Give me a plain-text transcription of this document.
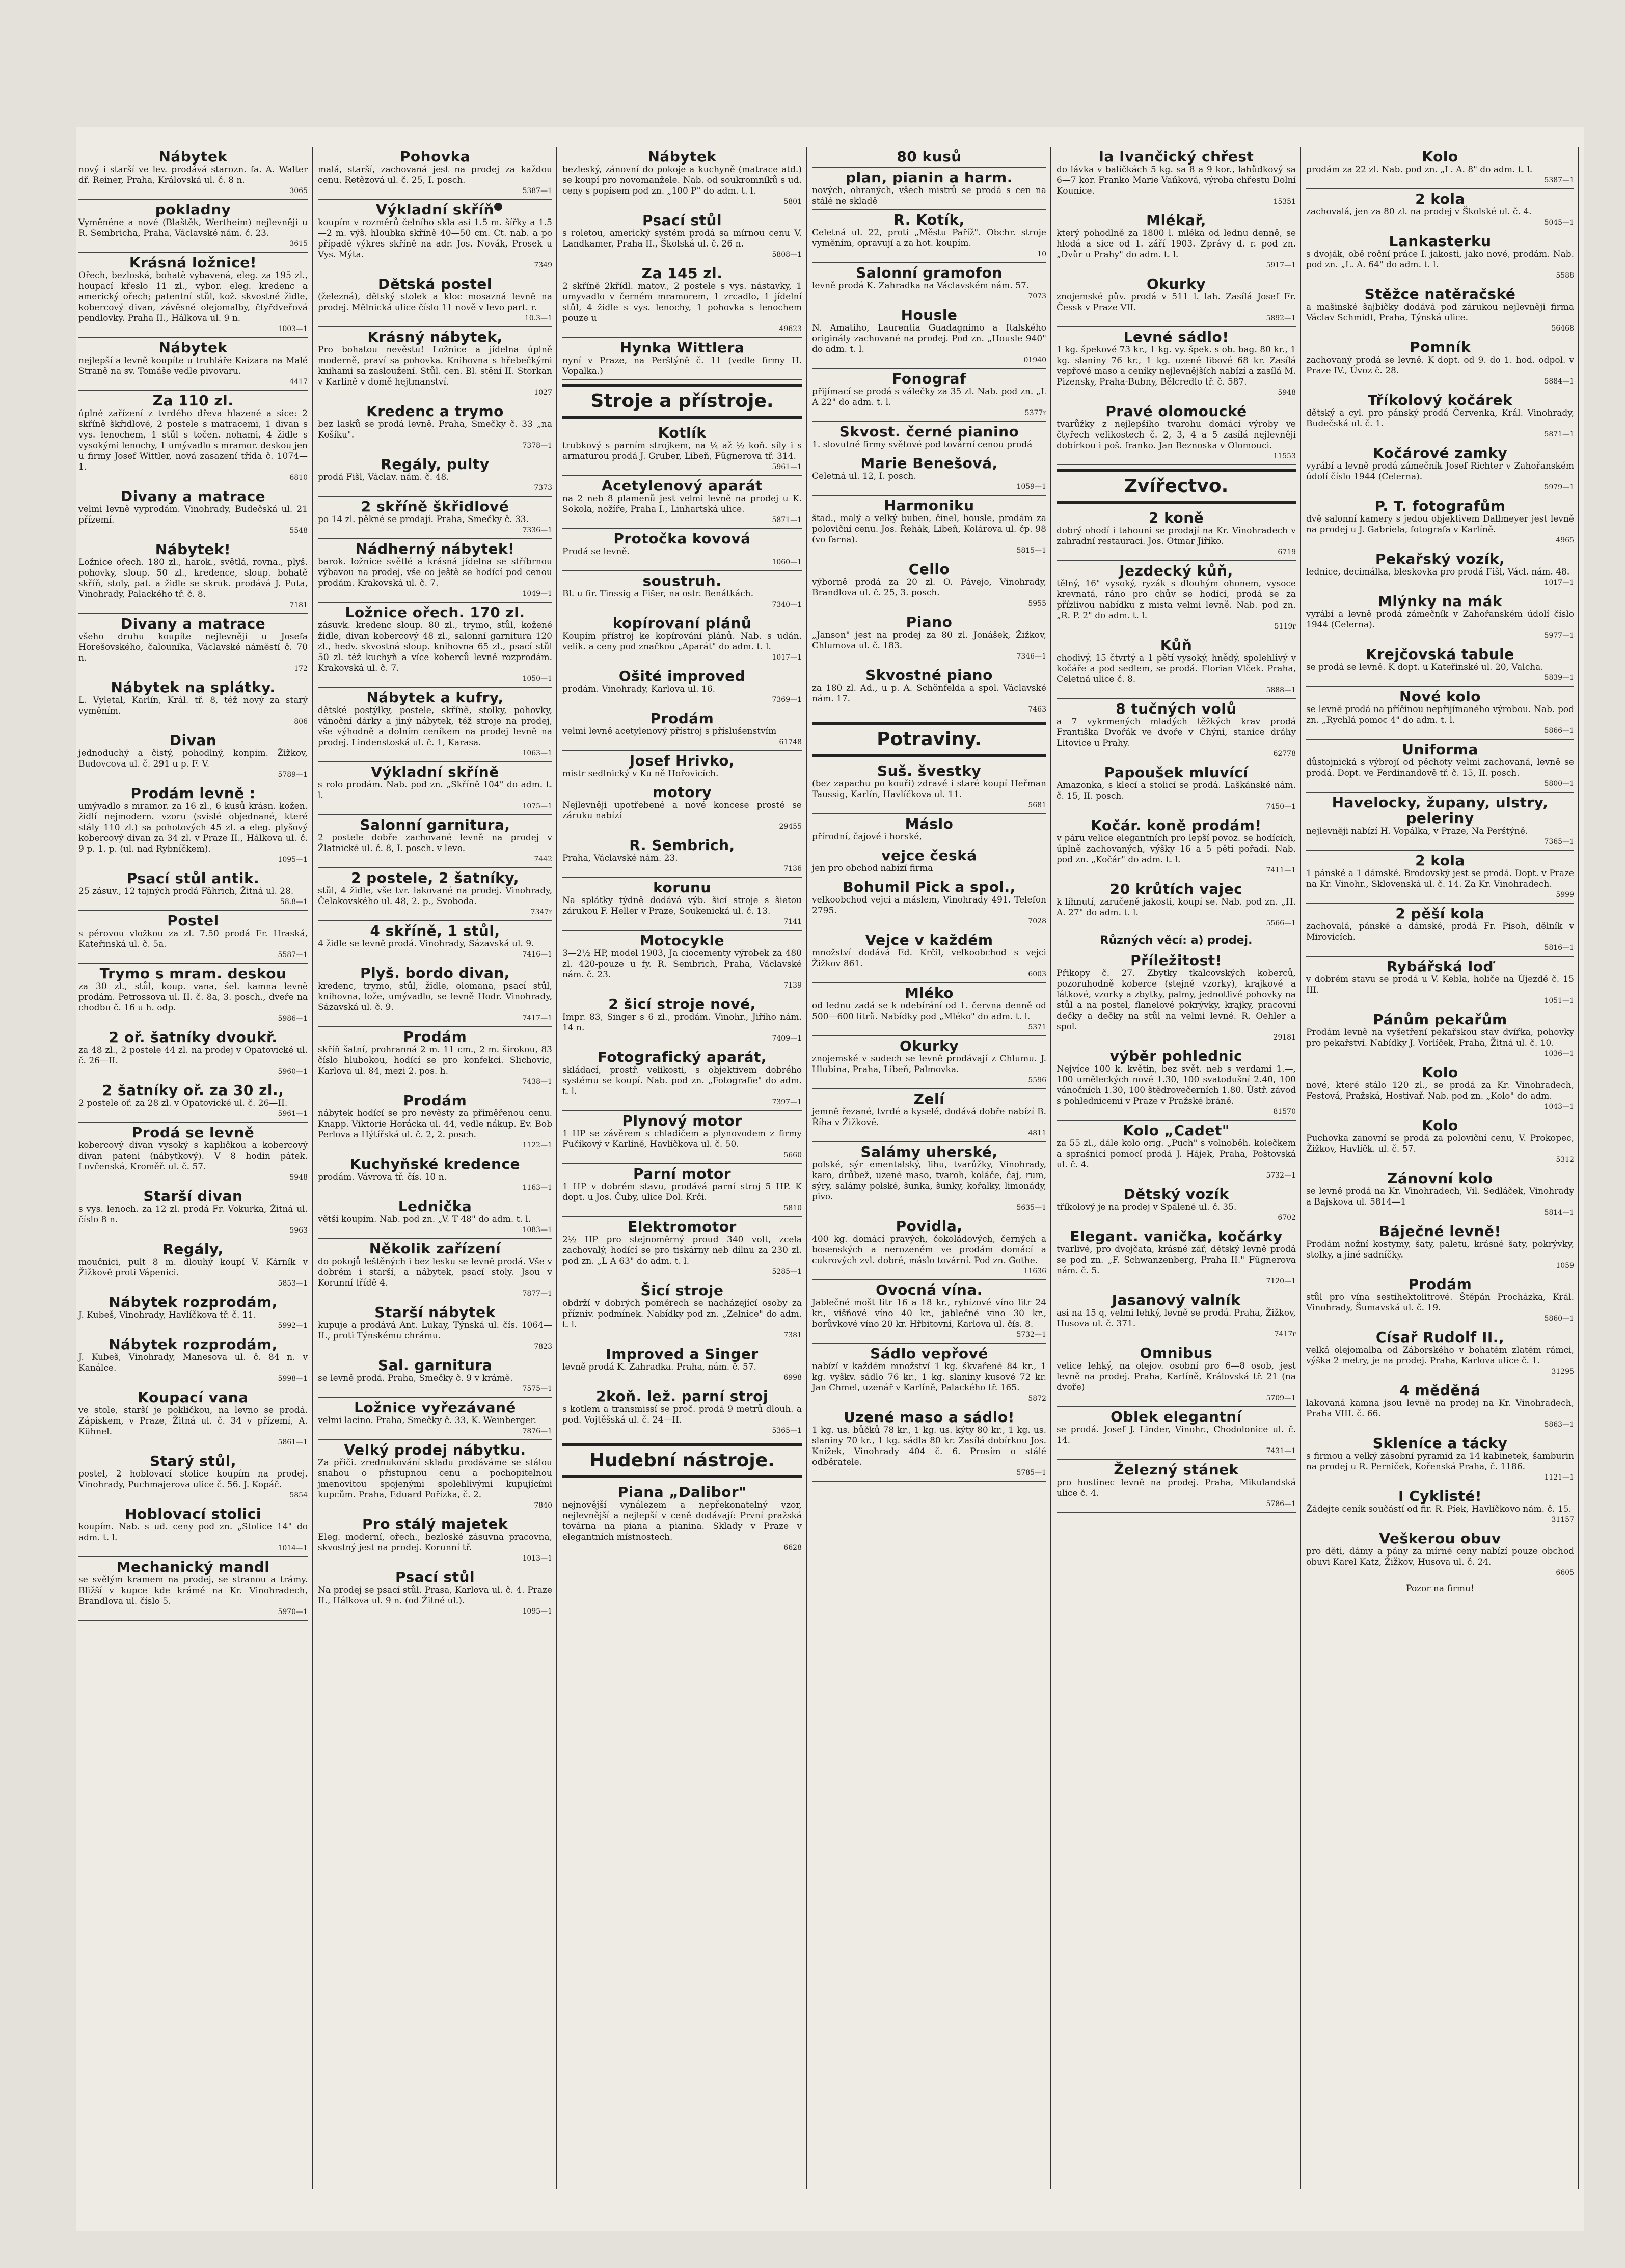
Nábytek
nový i starší ve lev. prodává starozn. fa. A. Walter dř. Reiner, Praha, Královská ul. č. 8 n.
3065
pokladny
Vyměnéne a nové (Blaštěk, Wertheim) nejlevněji u R. Sembricha, Praha, Václavské nám. č. 23.
3615
Krásná ložnice!
Ořech, bezloská, bohatě vybavená, eleg. za 195 zl., houpací křeslo 11 zl., vybor. eleg. kredenc a americký ořech; patentní stůl, kož. skvostné židle, kobercový divan, závěsné olejomalby, čtyřdveřová pendlovky. Praha II., Hálkova ul. 9 n.
1003—1
Nábytek
nejlepší a levně koupíte u truhláře Kaizara na Malé Straně na sv. Tomáše vedle pivovaru.
4417
Za 110 zl.
úplné zařízení z tvrdého dřeva hlazené a sice: 2 skříně škřidlové, 2 postele s matracemi, 1 divan s vys. lenochem, 1 stůl s točen. nohami, 4 židle s vysokými lenochy, 1 umývadlo s mramor. deskou jen u firmy Josef Wittler, nová zasazení třída č. 1074—1.
6810
Divany a matrace
velmi levně vyprodám. Vinohrady, Budečská ul. 21 přízemí.
5548
Nábytek!
Ložnice ořech. 180 zl., harok., světlá, rovna., plyš. pohovky, sloup. 50 zl., kredence, sloup. bohatě skříň, stoly, pat. a židle se skruk. prodává J. Puta, Vinohrady, Palackého tř. č. 8.
7181
Divany a matrace
všeho druhu koupíte nejlevněji u Josefa Horešovského, čalouníka, Václavské náměstí č. 70 n.
172
Nábytek na splátky.
L. Vyletal, Karlín, Král. tř. 8, též nový za starý vyměním.
806
Divan
jednoduchý a čistý, pohodlný, konpim. Žižkov, Budovcova ul. č. 291 u p. F. V.
5789—1
Prodám levně :
umývadlo s mramor. za 16 zl., 6 kusů krásn. kožen. židlí nejmodern. vzoru (svislé objednané, které stály 110 zl.) sa pohotových 45 zl. a eleg. plyšový kobercový divan za 34 zl. v Praze II., Hálkova ul. č. 9 p. 1. p. (ul. nad Rybníčkem).
1095—1
Psací stůl antik.
25 zásuv., 12 tajných prodá Fährich, Žitná ul. 28.
58.8—1
Postel
s pérovou vložkou za zl. 7.50 prodá Fr. Hraská, Kateřinská ul. č. 5a.
5587—1
Trymo s mram. deskou
za 30 zl., stůl, koup. vana, šel. kamna levně prodám. Petrossova ul. II. č. 8a, 3. posch., dveře na chodbu č. 16 u h. odp.
5986—1
2 oř. šatníky dvoukř.
za 48 zl., 2 postele 44 zl. na prodej v Opatovické ul. č. 26—II.
5960—1
2 šatníky oř. za 30 zl.,
2 postele oř. za 28 zl. v Opatovické ul. č. 26—II.
5961—1
Prodá se levně
kobercový divan vysoký s kapličkou a kobercový divan pateni (nábytkový). V 8 hodin pátek. Lovčenská, Kroměř. ul. č. 57.
5948
Starší divan
s vys. lenoch. za 12 zl. prodá Fr. Vokurka, Žitná ul. číslo 8 n.
5963
Regály,
moučnici, pult 8 m. dlouhý koupí V. Kárník v Žižkově proti Vápenici.
5853—1
Nábytek rozprodám,
J. Kubeš, Vinohrady, Havlíčkova tř. č. 11.
5992—1
Nábytek rozprodám,
J. Kubeš, Vinohrady, Manesova ul. č. 84 n. v Kanálce.
5998—1
Koupací vana
ve stole, starší je pokličkou, na levno se prodá. Zápiskem, v Praze, Žitná ul. č. 34 v přízemí, A. Kühnel.
5861—1
Starý stůl,
postel, 2 hoblovací stolice koupím na prodej. Vinohrady, Puchmajerova ulice č. 56. J. Kopáč.
5854
Hoblovací stolici
koupím. Nab. s ud. ceny pod zn. „Stolice 14" do adm. t. l.
1014—1
Mechanický mandl
se svělým kramem na prodej, se stranou a trámy. Bližší v kupce kde krámé na Kr. Vinohradech, Brandlova ul. číslo 5.
5970—1
Pohovka
malá, starší, zachovaná jest na prodej za každou cenu. Retězová ul. č. 25, I. posch.
5387—1
Výkladní skříň
koupím v rozměrů čelního skla asi 1.5 m. šířky a 1.5—2 m. výš. hloubka skříně 40—50 cm. Ct. nab. a po případě výkres skříně na adr. Jos. Novák, Prosek u Vys. Mýta.
7349
Dětská postel
(železná), dětský stolek a kloc mosazná levně na prodej. Mělnická ulice číslo 11 nově v levo part. r.
10.3—1
Krásný nábytek,
Pro bohatou nevěstu! Ložnice a jídelna úplně moderně, praví sa pohovka. Knihovna s hřebečkými knihami sa zasloužení. Stůl. cen. Bl. stění II. Storkan v Karlině v domě hejtmanství.
1027
Kredenc a trymo
bez lasků se prodá levně. Praha, Smečky č. 33 „na Košíku".
7378—1
Regály, pulty
prodá Fišl, Václav. nám. č. 48.
7373
2 skříně škřidlové
po 14 zl. pěkné se prodají. Praha, Smečky č. 33.
7336—1
Nádherný nábytek!
barok. ložnice světlé a krásná jídelna se stříbrnou výbavou na prodej, vše co ještě se hodící pod cenou prodám. Krakovská ul. č. 7.
1049—1
Ložnice ořech. 170 zl.
zásuvk. kredenc sloup. 80 zl., trymo, stůl, kožené židle, divan kobercový 48 zl., salonní garnitura 120 zl., hedv. skvostná sloup. knihovna 65 zl., psací stůl 50 zl. též kuchyň a více koberců levně rozprodám. Krakovská ul. č. 7.
1050—1
Nábytek a kufry,
dětské postýlky, postele, skříně, stolky, pohovky, vánoční dárky a jiný nábytek, též stroje na prodej, vše výhodně a dolním ceníkem na prodej levně na prodej. Lindenstoská ul. č. 1, Karasa.
1063—1
Výkladní skříně
s rolo prodám. Nab. pod zn. „Skříně 104" do adm. t. l.
1075—1
Salonní garnitura,
2 postele dobře zachované levně na prodej v Žlatnické ul. č. 8, I. posch. v levo.
7442
2 postele, 2 šatníky,
stůl, 4 židle, vše tvr. lakované na prodej. Vinohrady, Čelakovského ul. 48, 2. p., Svoboda.
7347r
4 skříně, 1 stůl,
4 židle se levně prodá. Vinohrady, Sázavská ul. 9.
7416—1
Plyš. bordo divan,
kredenc, trymo, stůl, židle, olomana, psací stůl, knihovna, lože, umývadlo, se levně Hodr. Vinohrady, Sázavská ul. č. 9.
7417—1
Prodám
skříň šatní, prohranná 2 m. 11 cm., 2 m. širokou, 83 číslo hlubokou, hodící se pro konfekci. Slichovic, Karlova ul. 84, mezi 2. pos. h.
7438—1
Prodám
nábytek hodící se pro nevěsty za přiměřenou cenu. Knapp. Viktorie Horácka ul. 44, vedle nákup. Ev. Bob Perlova a Hýtířská ul. č. 2, 2. posch.
1122—1
Kuchyňské kredence
prodám. Vávrova tř. čís. 10 n.
1163—1
Lednička
větší koupím. Nab. pod zn. „V. T 48" do adm. t. l.
1083—1
Několik zařízení
do pokojů leštěných i bez lesku se levně prodá. Vše v dobrém i starší, a nábytek, psací stoly. Jsou v Korunní třídě 4.
7877—1
Starší nábytek
kupuje a prodává Ant. Lukay, Týnská ul. čís. 1064—II., proti Týnskému chrámu.
7823
Sal. garnitura
se levně prodá. Praha, Smečky č. 9 v krámě.
7575—1
Ložnice vyřezávané
velmi lacino. Praha, Smečky č. 33, K. Weinberger.
7876—1
Velký prodej nábytku.
Za přiči. zrednukování skladu prodáváme se stálou snahou o přistupnou cenu a pochopitelnou jmenovitou spojenými spolehlivými kupujícími kupcům. Praha, Eduard Pořízka, č. 2.
7840
Pro stálý majetek
Eleg. moderní, ořech., bezloské zásuvna pracovna, skvostný jest na prodej. Korunní tř.
1013—1
Psací stůl
Na prodej se psací stůl. Prasa, Karlova ul. č. 4. Praze II., Hálkova ul. 9 n. (od Žitné ul.).
1095—1
Nábytek
bezleský, zánovní do pokoje a kuchyně (matrace atd.) se koupí pro novomanžele. Nab. od soukromníků s ud. ceny s popisem pod zn. „100 P" do adm. t. l.
5801
Psací stůl
s roletou, americký systém prodá sa mírnou cenu V. Landkamer, Praha II., Školská ul. č. 26 n.
5808—1
Za 145 zl.
2 skříně 2křídl. matov., 2 postele s vys. nástavky, 1 umyvadlo v černém mramorem, 1 zrcadlo, 1 jídelní stůl, 4 židle s vys. lenochy, 1 pohovka s lenochem pouze u
49623
Hynka Wittlera
nyní v Praze, na Perštýně č. 11 (vedle firmy H. Vopalka.)
Stroje a přístroje.
Kotlík
trubkový s parním strojkem, na ¼ až ½ koň. síly i s armaturou prodá J. Gruber, Libeň, Fügnerova tř. 314.
5961—1
Acetylenový aparát
na 2 neb 8 plamenů jest velmi levně na prodej u K. Sokola, nožíře, Praha I., Linhartská ulice.
5871—1
Protočka kovová
Prodá se levně.
1060—1
soustruh.
Bl. u fir. Tinssig a Fišer, na ostr. Benátkách.
7340—1
kopírovaní plánů
Koupím přístroj ke kopírování plánů. Nab. s udán. velik. a ceny pod značkou „Aparát" do adm. t. l.
1017—1
Ošité improved
prodám. Vinohrady, Karlova ul. 16.
7369—1
Prodám
velmi levně acetylenový přístroj s příslušenstvím
61748
Josef Hrivko,
mistr sedlnický v Ku ně Hořovicích.
motory
Nejlevněji upotřebené a nové koncese prosté se záruku nabízí
29455
R. Sembrich,
Praha, Václavské nám. 23.
7136
korunu
Na splátky týdně dodává výb. šicí stroje s šietou zárukou F. Heller v Praze, Soukenická ul. č. 13.
7141
Motocykle
3—2½ HP, model 1903, Ja ciocementy výrobek za 480 zl. 420-pouze u fy. R. Sembrich, Praha, Václavské nám. č. 23.
7139
2 šicí stroje nové,
Impr. 83, Singer s 6 zl., prodám. Vinohr., Jiřího nám. 14 n.
7409—1
Fotografický aparát,
skládací, prostř. velikosti, s objektivem dobrého systému se koupí. Nab. pod zn. „Fotografie" do adm. t. l.
7397—1
Plynový motor
1 HP se závěrem s chladičem a plynovodem z firmy Fučíkový v Karlíně, Havlíčkova ul. č. 50.
5660
Parní motor
1 HP v dobrém stavu, prodává parní stroj 5 HP. K dopt. u Jos. Čuby, ulice Dol. Krči.
5810
Elektromotor
2½ HP pro stejnoměrný proud 340 volt, zcela zachovalý, hodící se pro tiskárny neb dílnu za 230 zl. pod zn. „L A 63" do adm. t. l.
5285—1
Šicí stroje
obdrží v dobrých poměrech se nacházející osoby za přízniv. podmínek. Nabídky pod zn. „Zelnice" do adm. t. l.
7381
Improved a Singer
levně prodá K. Zahradka. Praha, nám. č. 57.
6998
2koň. lež. parní stroj
s kotlem a transmissí se proč. prodá 9 metrů dlouh. a pod. Vojtěšská ul. č. 24—II.
5365—1
Hudební nástroje.
Piana „Dalibor"
nejnovější vynálezem a nepřekonatelný vzor, nejlevnější a nejlepší v ceně dodávají: První pražská továrna na piana a pianina. Sklady v Praze v elegantních místnostech.
6628
80 kusů
plan, pianin a harm.
nových, ohraných, všech mistrů se prodá s cen na stálé ne skladě
R. Kotík,
Celetná ul. 22, proti „Městu Paříž". Obchr. stroje vyměním, opravují a za hot. koupím.
10
Salonní gramofon
levně prodá K. Zahradka na Václavském nám. 57.
7073
Housle
N. Amatiho, Laurentia Guadagnimo a Italského originály zachované na prodej. Pod zn. „Housle 940" do adm. t. l.
01940
Fonograf
přijímací se prodá s válečky za 35 zl. Nab. pod zn. „L A 22" do adm. t. l.
5377r
Skvost. černé pianino
1. slovutné firmy světové pod tovární cenou prodá
Marie Benešová,
Celetná ul. 12, I. posch.
1059—1
Harmoniku
štad., malý a velký buben, činel, housle, prodám za poloviční cenu. Jos. Řehák, Libeň, Kolárova ul. čp. 98 (vo farna).
5815—1
Cello
výborně prodá za 20 zl. O. Pávejo, Vinohrady, Brandlova ul. č. 25, 3. posch.
5955
Piano
„Janson" jest na prodej za 80 zl. Jonášek, Žižkov, Chlumova ul. č. 183.
7346—1
Skvostné piano
za 180 zl. Ad., u p. A. Schönfelda a spol. Václavské nám. 17.
7463
Potraviny.
Suš. švestky
(bez zapachu po kouři) zdravé i staré koupí Heřman Taussig, Karlín, Havlíčkova ul. 11.
5681
Máslo
přírodní, čajové i horské,
vejce česká
jen pro obchod nabízí firma
Bohumil Pick a spol.,
velkoobchod vejci a máslem, Vinohrady 491. Telefon 2795.
7028
Vejce v každém
množství dodává Ed. Krčil, velkoobchod s vejci Žižkov 861.
6003
Mléko
od lednu zadá se k odebírání od 1. června denně od 500—600 litrů. Nabídky pod „Mléko" do adm. t. l.
5371
Okurky
znojemské v sudech se levně prodávají z Chlumu. J. Hlubina, Praha, Libeň, Palmovka.
5596
Zelí
jemně řezané, tvrdé a kyselé, dodává dobře nabízí B. Říha v Žižkově.
4811
Salámy uherské,
polské, sýr ementalský, lihu, tvarůžky, Vinohrady, karo, drůbež, uzené maso, tvaroh, koláče, čaj, rum, sýry, salámy polské, šunka, šunky, kořalky, limonády, pivo.
5635—1
Povidla,
400 kg. domácí pravých, čokoládových, černých a bosenských a nerozeném ve prodám domácí a cukrových zvl. dobré, máslo tovární. Pod zn. Gothe.
11636
Ovocná vína.
Jablečné mošt litr 16 a 18 kr., rybízové víno litr 24 kr., višňové víno 40 kr., jablečné vino 30 kr., borůvkové víno 20 kr. Hřbitovní, Karlova ul. čís. 8.
5732—1
Sádlo vepřové
nabízí v každém množství 1 kg. škvařené 84 kr., 1 kg. vyškv. sádlo 76 kr., 1 kg. slaniny kusové 72 kr. Jan Chmel, uzenář v Karlíně, Palackého tř. 165.
5872
Uzené maso a sádlo!
1 kg. us. bůčků 78 kr., 1 kg. us. kýty 80 kr., 1 kg. us. slaniny 70 kr., 1 kg. sádla 80 kr. Zasílá dobírkou Jos. Knížek, Vinohrady 404 č. 6. Prosím o stálé odběratele.
5785—1
Ia Ivančický chřest
do lávka v baličkách 5 kg. sa 8 a 9 kor., lahůdkový sa 6—7 kor. Franko Marie Vaňková, výroba chřestu Dolní Kounice.
15351
Mlékař,
který pohodlně za 1800 l. mléka od lednu denně, se hlodá a sice od 1. září 1903. Zprávy d. r. pod zn. „Dvůr u Prahy" do adm. t. l.
5917—1
Okurky
znojemské pův. prodá v 511 l. lah. Zasílá Josef Fr. Čessk v Praze VII.
5892—1
Levné sádlo!
1 kg. špekové 73 kr., 1 kg. vy. špek. s ob. bag. 80 kr., 1 kg. slaniny 76 kr., 1 kg. uzené libové 68 kr. Zasílá vepřové maso a ceníky nejlevnějších nabízí a zasílá M. Pizensky, Praha-Bubny, Bělcredlo tř. č. 587.
5948
Pravé olomoucké
tvarůžky z nejlepšího tvarohu domácí výroby ve čtyřech velikostech č. 2, 3, 4 a 5 zasílá nejlevněji dobírkou i poš. franko. Jan Beznoska v Olomouci.
11553
Zvířectvo.
2 koně
dobrý ohodí i tahouni se prodají na Kr. Vinohradech v zahradní restauraci. Jos. Otmar Jiříko.
6719
Jezdecký kůň,
tělný, 16" vysoký, ryzák s dlouhým ohonem, vysoce krevnatá, ráno pro chův se hodící, prodá se za přízlivou nabídku z mista velmi levně. Nab. pod zn. „R. P. 2" do adm. t. l.
5119r
Kůň
chodivý, 15 čtvrtý a 1 pětí vysoký, hnědý, spolehlivý v kočáře a pod sedlem, se prodá. Florian Vlček. Praha, Celetná ulice č. 8.
5888—1
8 tučných volů
a 7 vykrmených mladých těžkých krav prodá Františka Dvořák ve dvoře v Chýni, stanice dráhy Litovice u Prahy.
62778
Papoušek mluvící
Amazonka, s klecí a stolicí se prodá. Laškánské nám. č. 15, II. posch.
7450—1
Kočár. koně prodám!
v páru velice elegantních pro lepší povoz. se hodících, úplně zachovaných, výšky 16 a 5 pěti pořadi. Nab. pod zn. „Kočár" do adm. t. l.
7411—1
20 krůtích vajec
k líhnutí, zaručeně jakosti, koupí se. Nab. pod zn. „H. A. 27" do adm. t. l.
5566—1
Různých věcí: a) prodej.
Příležitost!
Přikopy č. 27. Zbytky tkalcovských koberců, pozoruhodně koberce (stejné vzorky), krajkové a látkové, vzorky a zbytky, palmy, jednotlivé pohovky na stůl a na postel, flanelové pokrývky, krajky, pracovní dečky a dečky na stůl na velmi levné. R. Oehler a spol.
29181
výběr pohlednic
Nejvíce 100 k. květin, bez svět. neb s verdami 1.—, 100 uměleckých nové 1.30, 100 svatodušní 2.40, 100 vánočních 1.30, 100 štědrovečerních 1.80. Ústř. závod s pohlednicemi v Praze v Pražské bráně.
81570
Kolo „Cadet"
za 55 zl., dále kolo orig. „Puch" s volnoběh. kolečkem a sprašnicí pomocí prodá J. Hájek, Praha, Poštovská ul. č. 4.
5732—1
Dětský vozík
tříkolový je na prodej v Spálené ul. č. 35.
6702
Elegant. vanička, kočárky
tvarlivé, pro dvojčata, krásné zář, dětský levně prodá se pod zn. „F. Schwanzenberg, Praha II." Fügnerova nám. č. 5.
7120—1
Jasanový valník
asi na 15 q, velmi lehký, levně se prodá. Praha, Žižkov, Husova ul. č. 371.
7417r
Omnibus
velice lehký, na olejov. osobní pro 6—8 osob, jest levně na prodej. Praha, Karlíně, Královská tř. 21 (na dvoře)
5709—1
Oblek elegantní
se prodá. Josef J. Linder, Vinohr., Chodolonice ul. č. 14.
7431—1
Železný stánek
pro hostinec levně na prodej. Praha, Mikulandská ulice č. 4.
5786—1
Kolo
prodám za 22 zl. Nab. pod zn. „L. A. 8" do adm. t. l.
5387—1
2 kola
zachovalá, jen za 80 zl. na prodej v Školské ul. č. 4.
5045—1
Lankasterku
s dvoják, obě roční práce I. jakosti, jako nové, prodám. Nab. pod zn. „L. A. 64" do adm. t. l.
5588
Stěžce natěračské
a mašinské šajbičky dodává pod zárukou nejlevněji firma Václav Schmidt, Praha, Týnská ulice.
56468
Pomník
zachovaný prodá se levně. K dopt. od 9. do 1. hod. odpol. v Praze IV., Úvoz č. 28.
5884—1
Tříkolový kočárek
dětský a cyl. pro pánský prodá Červenka, Král. Vinohrady, Budečská ul. č. 1.
5871—1
Kočárové zamky
vyrábí a levně prodá zámečník Josef Richter v Zahořanském údolí číslo 1944 (Celerna).
5979—1
P. T. fotografům
dvě salonní kamery s jedou objektivem Dallmeyer jest levně na prodej u J. Gabriela, fotografa v Karlíně.
4965
Pekařský vozík,
lednice, decimálka, bleskovka pro prodá Fišl, Václ. nám. 48.
1017—1
Mlýnky na mák
vyrábí a levně prodá zámečník v Zahořanském údolí číslo 1944 (Celerna).
5977—1
Krejčovská tabule
se prodá se levně. K dopt. u Kateřinské ul. 20, Valcha.
5839—1
Nové kolo
se levně prodá na příčinou nepřijímaného výrobou. Nab. pod zn. „Rychlá pomoc 4" do adm. t. l.
5866—1
Uniforma
důstojnická s výbrojí od pěchoty velmi zachovaná, levně se prodá. Dopt. ve Ferdinandově tř. č. 15, II. posch.
5800—1
Havelocky, župany, ulstry, peleriny
nejlevněji nabízí H. Vopálka, v Praze, Na Perštýně.
7365—1
2 kola
1 pánské a 1 dámské. Brodovský jest se prodá. Dopt. v Praze na Kr. Vinohr., Sklovenská ul. č. 14. Za Kr. Vinohradech.
5999
2 pěší kola
zachovalá, pánské a dámské, prodá Fr. Písoh, dělník v Mirovicích.
5816—1
Rybářská loď
v dobrém stavu se prodá u V. Kebla, holiče na Újezdě č. 15 III.
1051—1
Pánům pekařům
Prodám levně na vyšetření pekařskou stav dvířka, pohovky pro pekařství. Nabídky J. Vorlíček, Praha, Žitná ul. č. 10.
1036—1
Kolo
nové, které stálo 120 zl., se prodá za Kr. Vinohradech, Festová, Pražská, Hostivař. Nab. pod zn. „Kolo" do adm.
1043—1
Kolo
Puchovka zanovní se prodá za poloviční cenu, V. Prokopec, Žižkov, Havlíčk. ul. č. 57.
5312
Zánovní kolo
se levně prodá na Kr. Vinohradech, Vil. Sedláček, Vinohrady a Bajskova ul. 5814—1
5814—1
Báječné levně!
Prodám nožní kostymy, šaty, paletu, krásné šaty, pokrývky, stolky, a jiné sadníčky.
1059
Prodám
stůl pro vína sestihektolitrové. Štěpán Procházka, Král. Vinohrady, Šumavská ul. č. 19.
5860—1
Císař Rudolf II.,
velká olejomalba od Záborského v bohatém zlatém rámci, výška 2 metry, je na prodej. Praha, Karlova ulice č. 1.
31295
4 měděná
lakovaná kamna jsou levně na prodej na Kr. Vinohradech, Praha VIII. č. 66.
5863—1
Skleníce a tácky
s firmou a velký zásobní pyramid za 14 kabinetek, šamburin na prodej u R. Perniček, Kořenská Praha, č. 1186.
1121—1
I Cyklisté!
Žádejte ceník součástí od fir. R. Píek, Havlíčkovo nám. č. 15.
31157
Veškerou obuv
pro děti, dámy a pány za mírné ceny nabízí pouze obchod obuvi Karel Katz, Žižkov, Husova ul. č. 24.
6605
Pozor na firmu!
